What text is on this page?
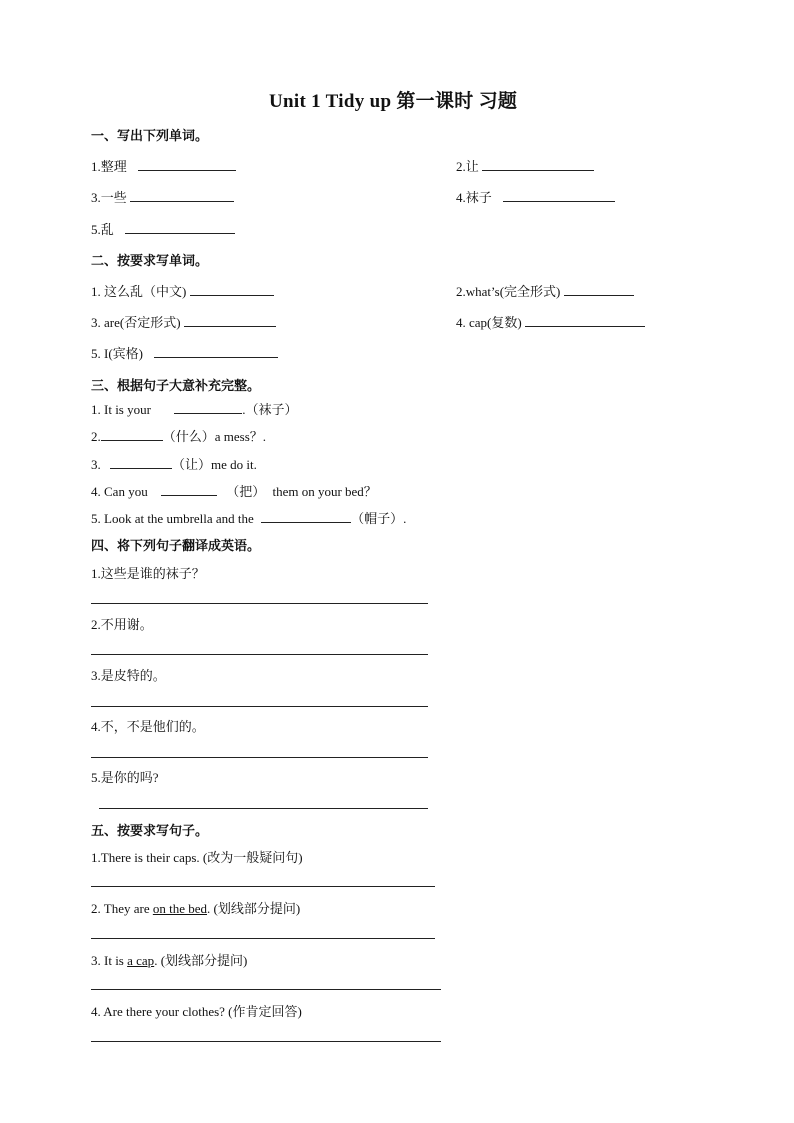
Unit 1 Tidy up 第一课时 习题
一、写出下列单词。
1.整理	2.让
3.一些	4.袜子
5.乱
二、按要求写单词。
1. 这么乱（中文)	2.what’s(完全形式)
3. are(否定形式)	4. cap(复数)
5. I(宾格)
三、根据句子大意补充完整。
1. It is your	.（袜子）
2.	（什么）a mess？.
3.	（让）me do it.
4. Can you	（把） them on your bed？
5. Look at the umbrella and the	（帽子）.
四、将下列句子翻译成英语。
1.这些是谁的袜子？
2.不用谢。
3.是皮特的。
4.不，不是他们的。
5.是你的吗?
五、按要求写句子。
1.There is their caps. (改为一般疑问句)
2. They are on the bed. (划线部分提问)
3. It is a cap. (划线部分提问)
4. Are there your clothes? (作肯定回答)
